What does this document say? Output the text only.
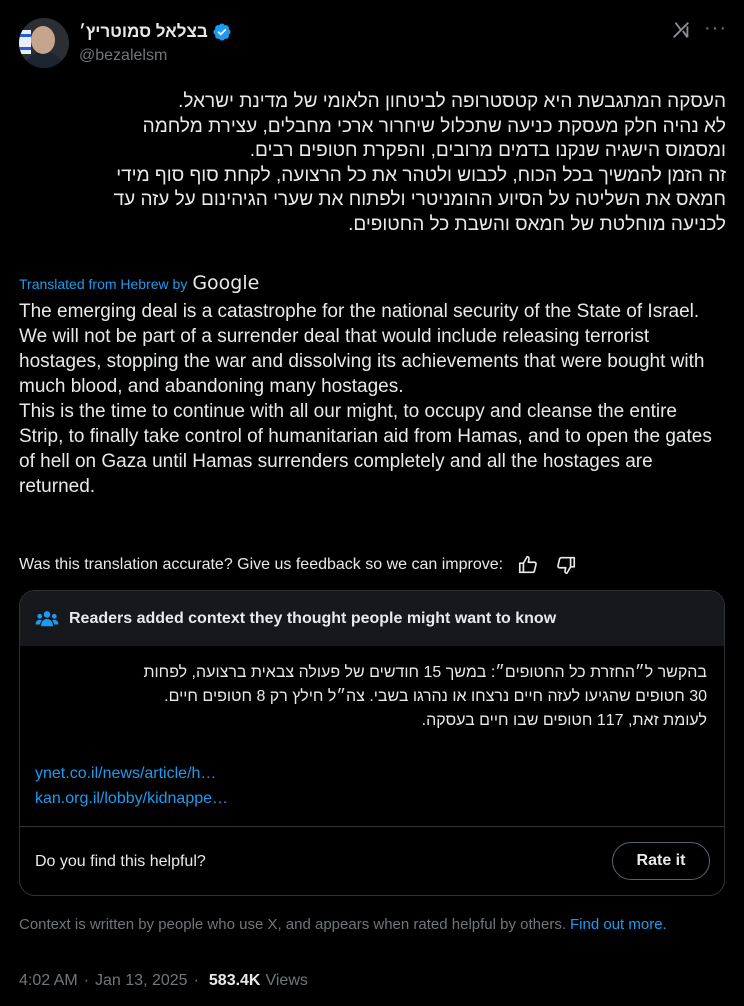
בצלאל סמוטריץ׳
@bezalelsm
···

העסקה המתגבשת היא קטסטרופה לביטחון הלאומי של מדינת ישראל.

לא נהיה חלק מעסקת כניעה שתכלול שיחרור ארכי מחבלים, עצירת מלחמה

ומסמוס הישגיה שנקנו בדמים מרובים, והפקרת חטופים רבים.

זה הזמן להמשיך בכל הכוח, לכבוש ולטהר את כל הרצועה, לקחת סוף סוף מידי

חמאס את השליטה על הסיוע ההומניטרי ולפתוח את שערי הגיהינום על עזה עד

לכניעה מוחלטת של חמאס והשבת כל החטופים.

Translated from Hebrew by Google

The emerging deal is a catastrophe for the national security of the State of Israel.

We will not be part of a surrender deal that would include releasing terrorist hostages, stopping the war and dissolving its achievements that were bought with much blood, and abandoning many hostages.

This is the time to continue with all our might, to occupy and cleanse the entire Strip, to finally take control of humanitarian aid from Hamas, and to open the gates of hell on Gaza until Hamas surrenders completely and all the hostages are returned.

Was this translation accurate? Give us feedback so we can improve:
Readers added context they thought people might want to know

בהקשר ל״החזרת כל החטופים״: במשך 15 חודשים של פעולה צבאית ברצועה, לפחות

30 חטופים שהגיעו לעזה חיים נרצחו או נהרגו בשבי. צה״ל חילץ רק 8 חטופים חיים.

לעומת זאת, 117 חטופים שבו חיים בעסקה.

ynet.co.il/news/article/h…
kan.org.il/lobby/kidnappe…
Do you find this helpful?	Rate it
Context is written by people who use X, and appears when rated helpful by others. Find out more.
4:02 AM · Jan 13, 2025 · 583.4K Views
